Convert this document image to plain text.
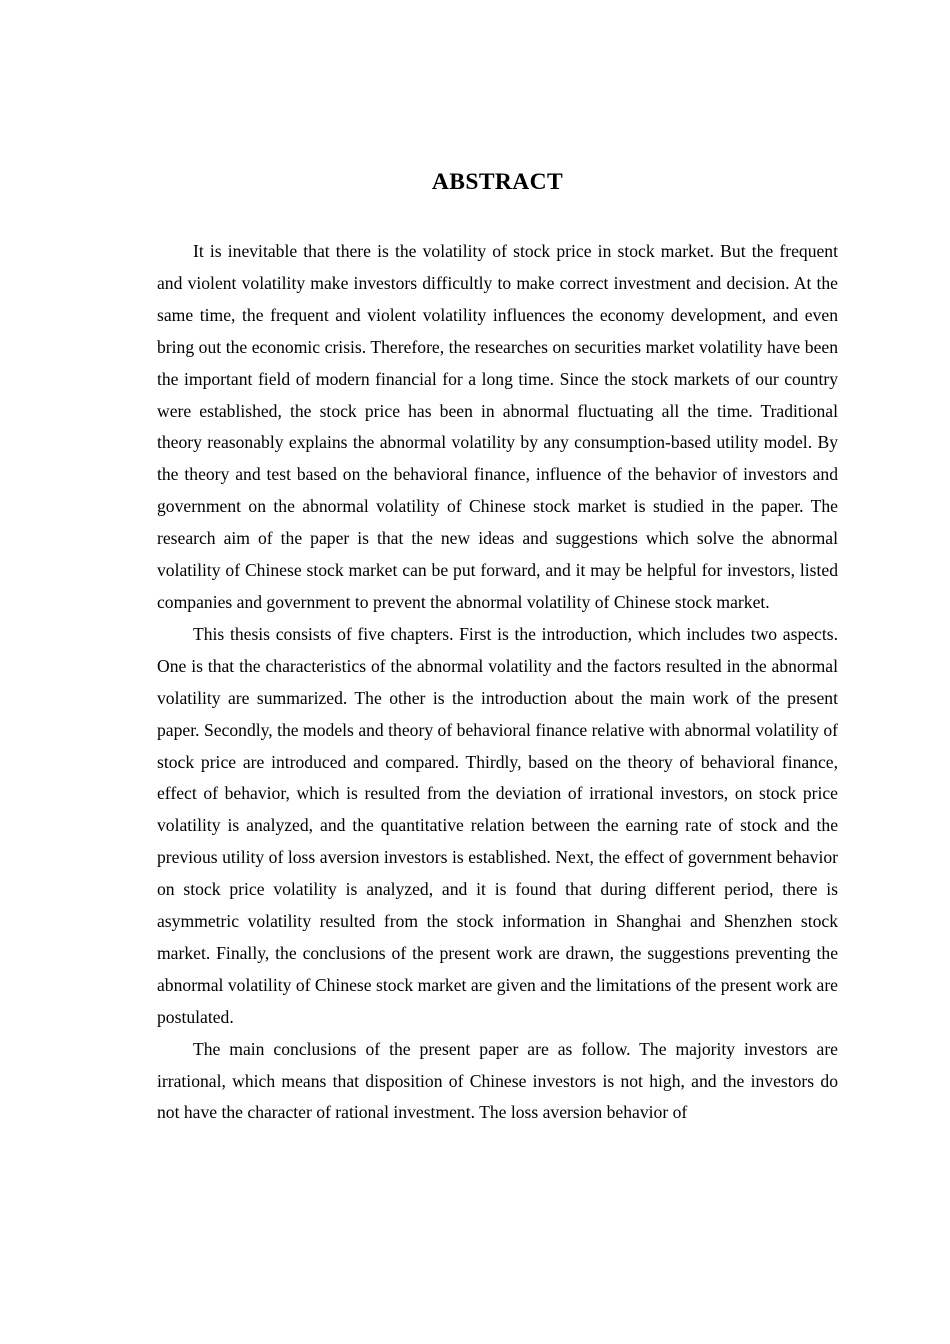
ABSTRACT

It is inevitable that there is the volatility of stock price in stock market. But the frequent and violent volatility make investors difficultly to make correct investment and decision. At the same time, the frequent and violent volatility influences the economy development, and even bring out the economic crisis. Therefore, the researches on securities market volatility have been the important field of modern financial for a long time. Since the stock markets of our country were established, the stock price has been in abnormal fluctuating all the time. Traditional theory reasonably explains the abnormal volatility by any consumption-based utility model. By the theory and test based on the behavioral finance, influence of the behavior of investors and government on the abnormal volatility of Chinese stock market is studied in the paper. The research aim of the paper is that the new ideas and suggestions which solve the abnormal volatility of Chinese stock market can be put forward, and it may be helpful for investors, listed companies and government to prevent the abnormal volatility of Chinese stock market.

This thesis consists of five chapters. First is the introduction, which includes two aspects. One is that the characteristics of the abnormal volatility and the factors resulted in the abnormal volatility are summarized. The other is the introduction about the main work of the present paper. Secondly, the models and theory of behavioral finance relative with abnormal volatility of stock price are introduced and compared. Thirdly, based on the theory of behavioral finance, effect of behavior, which is resulted from the deviation of irrational investors, on stock price volatility is analyzed, and the quantitative relation between the earning rate of stock and the previous utility of loss aversion investors is established. Next, the effect of government behavior on stock price volatility is analyzed, and it is found that during different period, there is asymmetric volatility resulted from the stock information in Shanghai and Shenzhen stock market. Finally, the conclusions of the present work are drawn, the suggestions preventing the abnormal volatility of Chinese stock market are given and the limitations of the present work are postulated.

The main conclusions of the present paper are as follow. The majority investors are irrational, which means that disposition of Chinese investors is not high, and the investors do not have the character of rational investment. The loss aversion behavior of
